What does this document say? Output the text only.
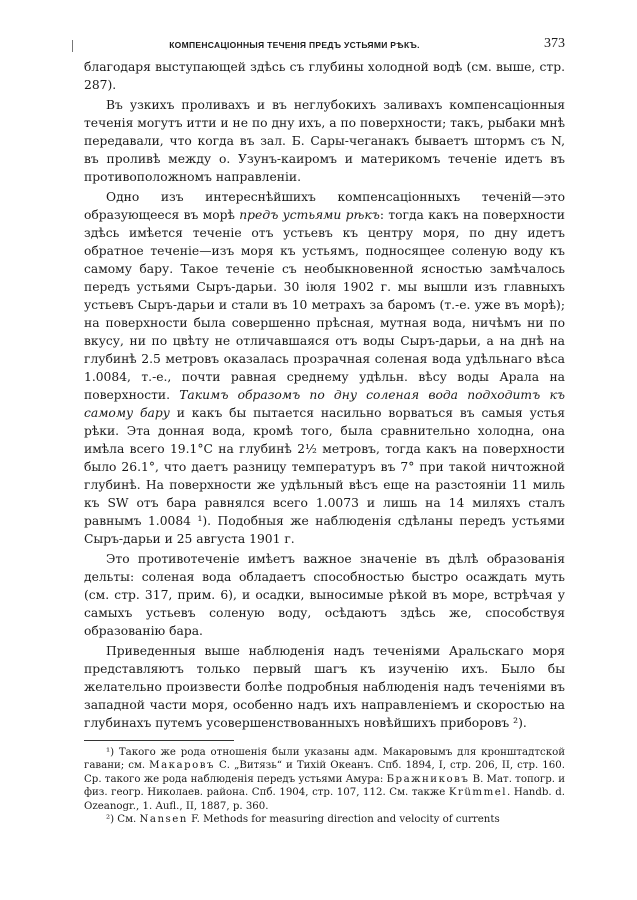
КОМПЕНСАЦІОННЫЯ ТЕЧЕНІЯ ПРЕДЪ УСТЬЯМИ РѢКЪ.	373

благодаря выступающей здѣсь съ глубины холодной водѣ (см. выше, стр. 287).

Въ узкихъ проливахъ и въ неглубокихъ заливахъ компенсаціонныя теченія могутъ итти и не по дну ихъ, а по поверхности; такъ, рыбаки мнѣ передавали, что когда въ зал. Б. Сары-чеганакъ бываетъ штормъ съ N, въ проливѣ между о. Узунъ-каиромъ и материкомъ теченіе идетъ въ противоположномъ направленіи.

Одно изъ интереснѣйшихъ компенсаціонныхъ теченій—это образующееся въ морѣ предъ устьями рѣкъ: тогда какъ на поверхности здѣсь имѣется теченіе отъ устьевъ къ центру моря, по дну идетъ обратное теченіе—изъ моря къ устьямъ, подносящее соленую воду къ самому бару. Такое теченіе съ необыкновенной ясностью замѣчалось передъ устьями Сыръ-дарьи. 30 іюля 1902 г. мы вышли изъ главныхъ устьевъ Сыръ-дарьи и стали въ 10 метрахъ за баромъ (т.-е. уже въ морѣ); на поверхности была совершенно прѣсная, мутная вода, ничѣмъ ни по вкусу, ни по цвѣту не отличавшаяся отъ воды Сыръ-дарьи, а на днѣ на глубинѣ 2.5 метровъ оказалась прозрачная соленая вода удѣльнаго вѣса 1.0084, т.-е., почти равная среднему удѣльн. вѣсу воды Арала на поверхности. Такимъ образомъ по дну соленая вода подходитъ къ самому бару и какъ бы пытается насильно ворваться въ самыя устья рѣки. Эта донная вода, кромѣ того, была сравнительно холодна, она имѣла всего 19.1°C на глубинѣ 2½ метровъ, тогда какъ на поверхности было 26.1°, что даетъ разницу температуръ въ 7° при такой ничтожной глубинѣ. На поверхности же удѣльный вѣсъ еще на разстояніи 11 миль къ SW отъ бара равнялся всего 1.0073 и лишь на 14 миляхъ сталъ равнымъ 1.0084 ¹). Подобныя же наблюденія сдѣланы передъ устьями Сыръ-дарьи и 25 августа 1901 г.

Это противотеченіе имѣетъ важное значеніе въ дѣлѣ образованія дельты: соленая вода обладаетъ способностью быстро осаждать муть (см. стр. 317, прим. 6), и осадки, выносимые рѣкой въ море, встрѣчая у самыхъ устьевъ соленую воду, осѣдаютъ здѣсь же, способствуя образованію бара.

Приведенныя выше наблюденія надъ теченіями Аральскаго моря представляютъ только первый шагъ къ изученію ихъ. Было бы желательно произвести болѣе подробныя наблюденія надъ теченіями въ западной части моря, особенно надъ ихъ направленіемъ и скоростью на глубинахъ путемъ усовершенствованныхъ новѣйшихъ приборовъ ²).

¹) Такого же рода отношенія были указаны адм. Макаровымъ для кронштадтской гавани; см. Макаровъ С. „Витязь“ и Тихій Океанъ. Спб. 1894, I, стр. 206, II, стр. 160. Ср. такого же рода наблюденія передъ устьями Амура: Бражниковъ В. Мат. топогр. и физ. геогр. Николаев. района. Спб. 1904, стр. 107, 112. См. также Krümmel. Handb. d. Ozeanogr., 1. Aufl., II, 1887, p. 360.

²) См. Nansen F. Methods for measuring direction and velocity of currents
